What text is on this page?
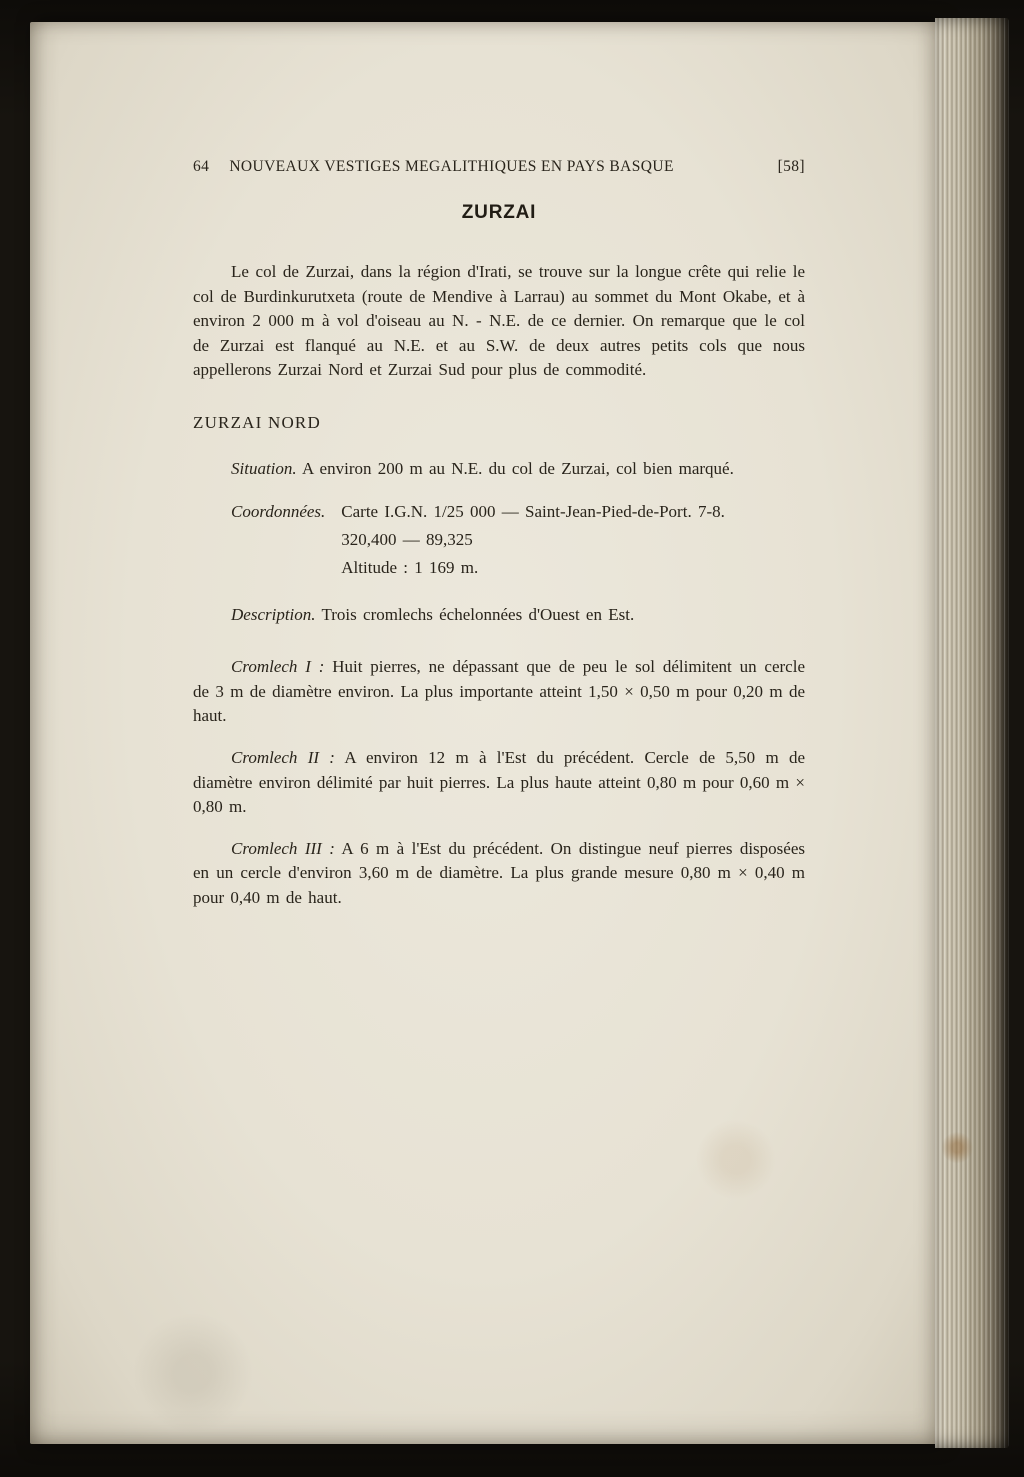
64 NOUVEAUX VESTIGES MEGALITHIQUES EN PAYS BASQUE	[58]
ZURZAI

Le col de Zurzai, dans la région d'Irati, se trouve sur la longue crête qui relie le col de Burdinkurutxeta (route de Mendive à Larrau) au sommet du Mont Okabe, et à environ 2 000 m à vol d'oiseau au N. - N.E. de ce dernier. On remarque que le col de Zurzai est flanqué au N.E. et au S.W. de deux autres petits cols que nous appellerons Zurzai Nord et Zurzai Sud pour plus de commodité.

ZURZAI NORD

Situation. A environ 200 m au N.E. du col de Zurzai, col bien marqué.

Coordonnées. Carte I.G.N. 1/25 000 — Saint-Jean-Pied-de-Port. 7-8.
320,400 — 89,325
Altitude : 1 169 m.

Description. Trois cromlechs échelonnées d'Ouest en Est.

Cromlech I : Huit pierres, ne dépassant que de peu le sol délimitent un cercle de 3 m de diamètre environ. La plus importante atteint 1,50 × 0,50 m pour 0,20 m de haut.

Cromlech II : A environ 12 m à l'Est du précédent. Cercle de 5,50 m de diamètre environ délimité par huit pierres. La plus haute atteint 0,80 m pour 0,60 m × 0,80 m.

Cromlech III : A 6 m à l'Est du précédent. On distingue neuf pierres disposées en un cercle d'environ 3,60 m de diamètre. La plus grande mesure 0,80 m × 0,40 m pour 0,40 m de haut.
